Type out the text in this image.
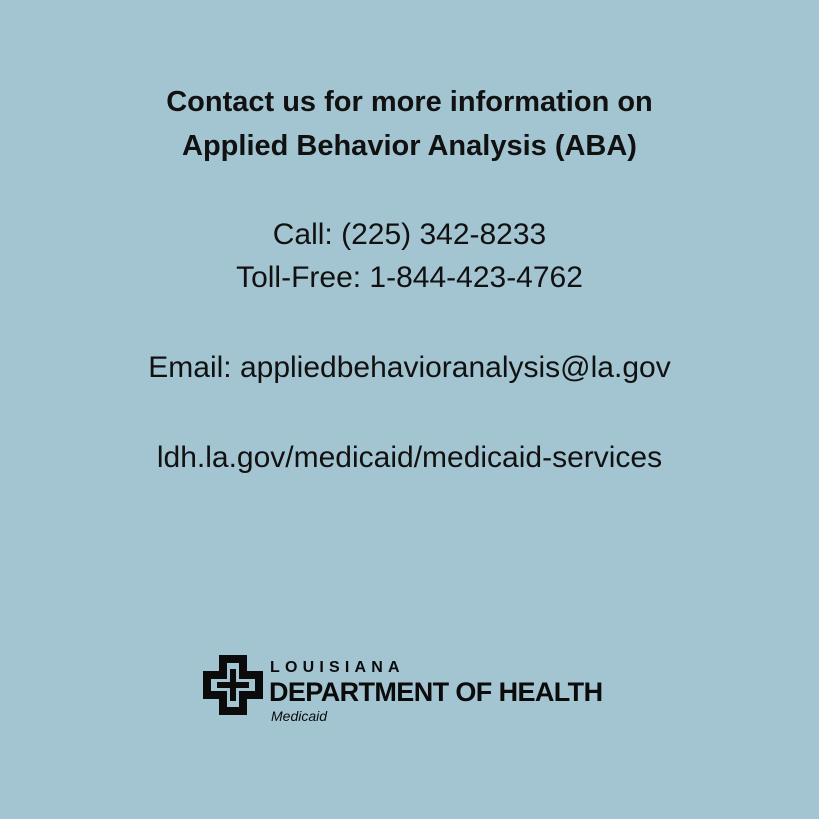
Contact us for more information on
Applied Behavior Analysis (ABA)
Call: (225) 342-8233
Toll-Free: 1-844-423-4762
Email: appliedbehavioranalysis@la.gov
ldh.la.gov/medicaid/medicaid-services
LOUISIANA
DEPARTMENT OF HEALTH
Medicaid
